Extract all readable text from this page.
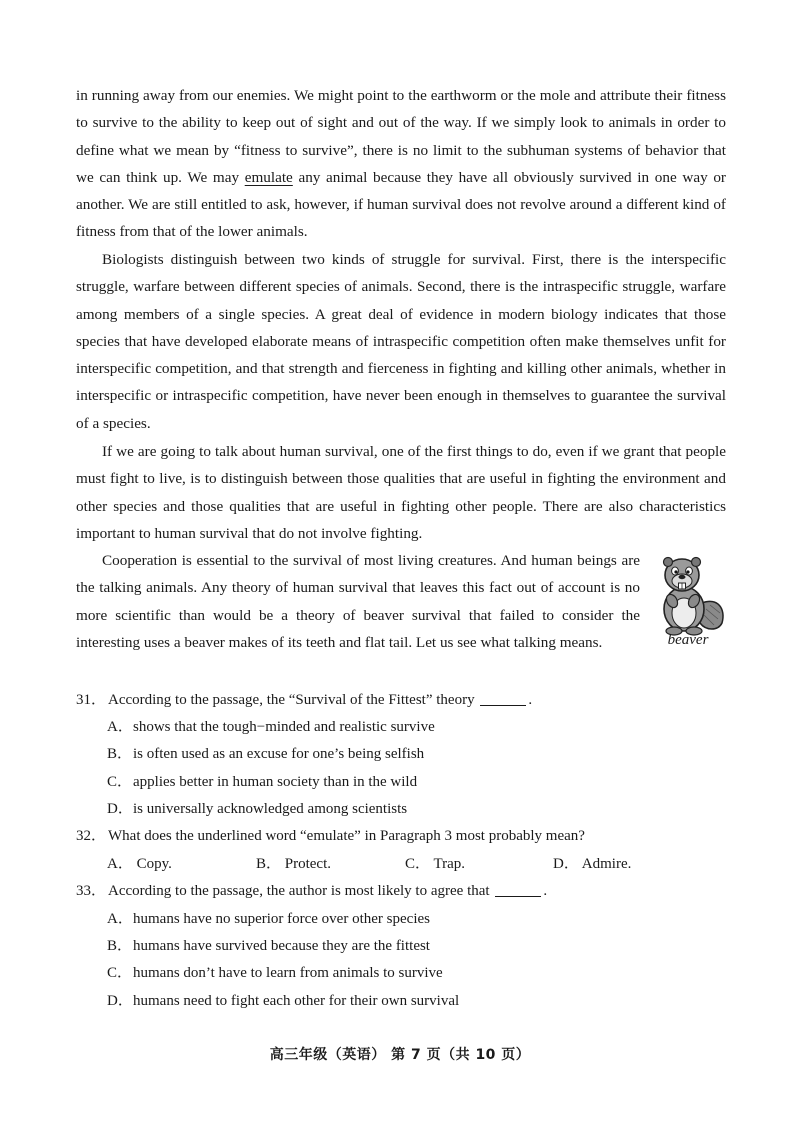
in running away from our enemies. We might point to the earthworm or the mole and attribute their fitness to survive to the ability to keep out of sight and out of the way. If we simply look to animals in order to define what we mean by “fitness to survive”, there is no limit to the subhuman systems of behavior that we can think up. We may emulate any animal because they have all obviously survived in one way or another. We are still entitled to ask, however, if human survival does not revolve around a different kind of fitness from that of the lower animals.

Biologists distinguish between two kinds of struggle for survival. First, there is the interspecific struggle, warfare between different species of animals. Second, there is the intraspecific struggle, warfare among members of a single species. A great deal of evidence in modern biology indicates that those species that have developed elaborate means of intraspecific competition often make themselves unfit for interspecific competition, and that strength and fierceness in fighting and killing other animals, whether in interspecific or intraspecific competition, have never been enough in themselves to guarantee the survival of a species.

If we are going to talk about human survival, one of the first things to do, even if we grant that people must fight to live, is to distinguish between those qualities that are useful in fighting the environment and other species and those qualities that are useful in fighting other people. There are also characteristics important to human survival that do not involve fighting.

Cooperation is essential to the survival of most living creatures. And human beings are the talking animals. Any theory of human survival that leaves this fact out of account is no more scientific than would be a theory of beaver survival that failed to consider the interesting uses a beaver makes of its teeth and flat tail. Let us see what talking means.	beaver
31． According to the passage, the “Survival of the Fittest” theory	.
A．shows that the tough−minded and realistic survive
B．is often used as an excuse for one’s being selfish
C．applies better in human society than in the wild
D．is universally acknowledged among scientists
32． What does the underlined word “emulate” in Paragraph 3 most probably mean?
A． Copy.	B． Protect.	C． Trap.	D． Admire.
33． According to the passage, the author is most likely to agree that	.
A．humans have no superior force over other species
B．humans have survived because they are the fittest
C．humans don’t have to learn from animals to survive
D．humans need to fight each other for their own survival
高三年级（英语） 第 7 页（共 10 页）
